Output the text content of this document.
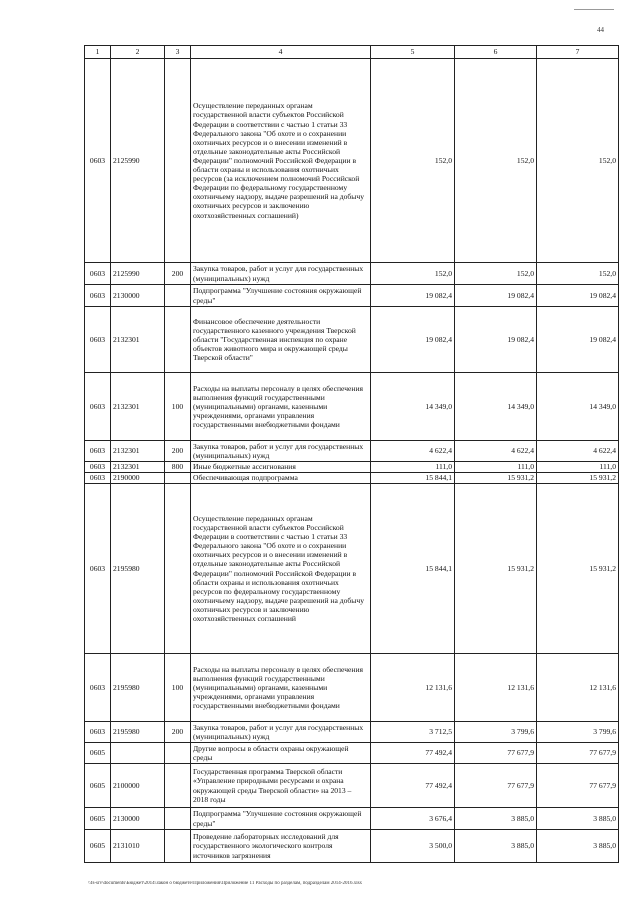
44
1	2	3	4	5	6	7
0603	2125990		Осуществление переданных органам государственной власти субъектов Российской Федерации в соответствии с частью 1 статьи 33 Федерального закона "Об охоте и о сохранении охотничьих ресурсов и о внесении изменений в отдельные законодательные акты Российской Федерации" полномочий Российской Федерации в области охраны и использования охотничьих ресурсов (за исключением полномочий Российской Федерации по федеральному государственному охотничьему надзору, выдаче разрешений на добычу охотничьих ресурсов и заключению охотхозяйственных соглашений)	152,0	152,0	152,0
0603	2125990	200	Закупка товаров, работ и услуг для государственных (муниципальных) нужд	152,0	152,0	152,0
0603	2130000		Подпрограмма "Улучшение состояния окружающей среды"	19 082,4	19 082,4	19 082,4
0603	2132301		Финансовое обеспечение деятельности государственного казенного учреждения Тверской области "Государственная инспекция по охране объектов животного мира и окружающей среды Тверской области"	19 082,4	19 082,4	19 082,4
0603	2132301	100	Расходы на выплаты персоналу в целях обеспечения выполнения функций государственными (муниципальными) органами, казенными учреждениями, органами управления государственными внебюджетными фондами	14 349,0	14 349,0	14 349,0
0603	2132301	200	Закупка товаров, работ и услуг для государственных (муниципальных) нужд	4 622,4	4 622,4	4 622,4
0603	2132301	800	Иные бюджетные ассигнования	111,0	111,0	111,0
0603	2190000		Обеспечивающая подпрограмма	15 844,1	15 931,2	15 931,2
0603	2195980		Осуществление переданных органам государственной власти субъектов Российской Федерации в соответствии с частью 1 статьи 33 Федерального закона "Об охоте и о сохранении охотничьих ресурсов и о внесении изменений в отдельные законодательные акты Российской Федерации" полномочий Российской Федерации в области охраны и использования охотничьих ресурсов по федеральному государственному охотничьему надзору, выдаче разрешений на добычу охотничьих ресурсов и заключению охотхозяйственных соглашений	15 844,1	15 931,2	15 931,2
0603	2195980	100	Расходы на выплаты персоналу в целях обеспечения выполнения функций государственными (муниципальными) органами, казенными учреждениями, органами управления государственными внебюджетными фондами	12 131,6	12 131,6	12 131,6
0603	2195980	200	Закупка товаров, работ и услуг для государственных (муниципальных) нужд	3 712,5	3 799,6	3 799,6
0605			Другие вопросы в области охраны окружающей среды	77 492,4	77 677,9	77 677,9
0605	2100000		Государственная программа Тверской области «Управление природными ресурсами и охрана окружающей среды Тверской области» на 2013 – 2018 годы	77 492,4	77 677,9	77 677,9
0605	2130000		Подпрограмма "Улучшение состояния окружающей среды"	3 676,4	3 885,0	3 885,0
0605	2131010		Проведение лабораторных исследований для государственного экологического контроля источников загрязнения	3 500,0	3 885,0	3 885,0
\\fs-srv\documents\Бюджет\2014\Закон о бюджете\Приложения\Приложение 11 Расходы по разделам, подразделам 2014-2016.xlsx
